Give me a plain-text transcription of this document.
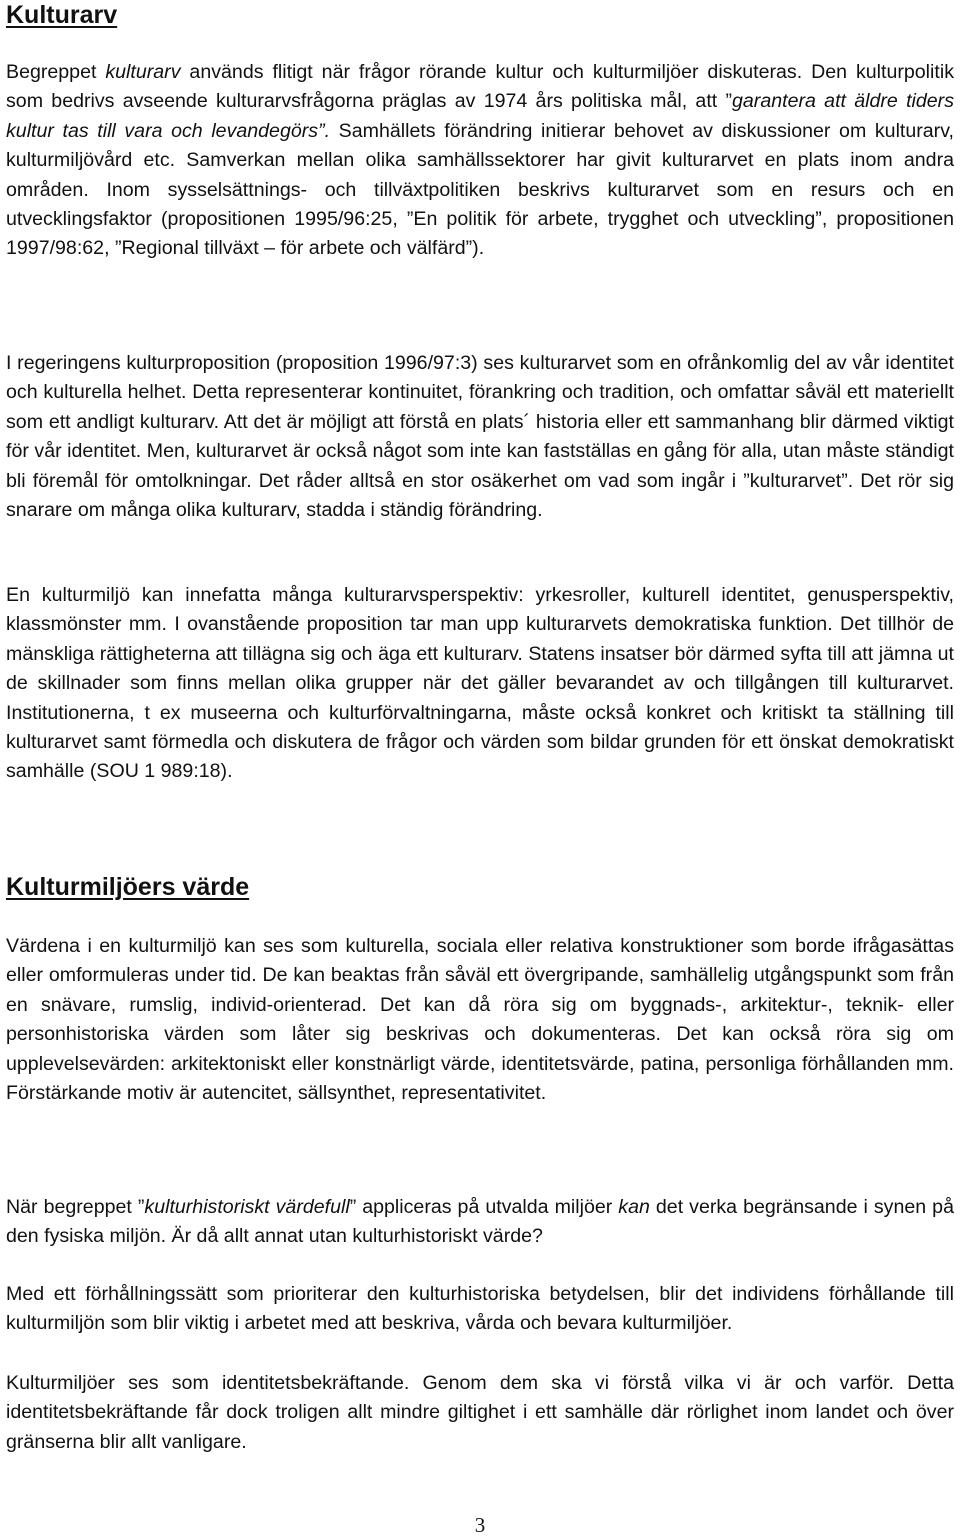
Kulturarv

Begreppet kulturarv används flitigt när frågor rörande kultur och kulturmiljöer diskuteras. Den kulturpolitik som bedrivs avseende kulturarvsfrågorna präglas av 1974 års politiska mål, att ”garantera att äldre tiders kultur tas till vara och levandegörs”. Samhällets förändring initierar behovet av diskussioner om kulturarv, kulturmiljövård etc. Samverkan mellan olika samhällssektorer har givit kulturarvet en plats inom andra områden. Inom sysselsättnings- och tillväxtpolitiken beskrivs kulturarvet som en resurs och en utvecklingsfaktor (propositionen 1995/96:25, ”En politik för arbete, trygghet och utveckling”, propositionen 1997/98:62, ”Regional tillväxt – för arbete och välfärd”).

I regeringens kulturproposition (proposition 1996/97:3) ses kulturarvet som en ofrånkomlig del av vår identitet och kulturella helhet. Detta representerar kontinuitet, förankring och tradition, och omfattar såväl ett materiellt som ett andligt kulturarv. Att det är möjligt att förstå en plats´ historia eller ett sammanhang blir därmed viktigt för vår identitet. Men, kulturarvet är också något som inte kan fastställas en gång för alla, utan måste ständigt bli föremål för omtolkningar. Det råder alltså en stor osäkerhet om vad som ingår i ”kulturarvet”. Det rör sig snarare om många olika kulturarv, stadda i ständig förändring.

En kulturmiljö kan innefatta många kulturarvsperspektiv: yrkesroller, kulturell identitet, genusperspektiv, klassmönster mm. I ovanstående proposition tar man upp kulturarvets demokratiska funktion. Det tillhör de mänskliga rättigheterna att tillägna sig och äga ett kulturarv. Statens insatser bör därmed syfta till att jämna ut de skillnader som finns mellan olika grupper när det gäller bevarandet av och tillgången till kulturarvet. Institutionerna, t ex museerna och kulturförvaltningarna, måste också konkret och kritiskt ta ställning till kulturarvet samt förmedla och diskutera de frågor och värden som bildar grunden för ett önskat demokratiskt samhälle (SOU 1 989:18).

Kulturmiljöers värde

Värdena i en kulturmiljö kan ses som kulturella, sociala eller relativa konstruktioner som borde ifrågasättas eller omformuleras under tid. De kan beaktas från såväl ett övergripande, samhällelig utgångspunkt som från en snävare, rumslig, individ-orienterad. Det kan då röra sig om byggnads-, arkitektur-, teknik- eller personhistoriska värden som låter sig beskrivas och dokumenteras. Det kan också röra sig om upplevelsevärden: arkitektoniskt eller konstnärligt värde, identitetsvärde, patina, personliga förhållanden mm. Förstärkande motiv är autencitet, sällsynthet, representativitet.

När begreppet ”kulturhistoriskt värdefull” appliceras på utvalda miljöer kan det verka begränsande i synen på den fysiska miljön. Är då allt annat utan kulturhistoriskt värde?

Med ett förhållningssätt som prioriterar den kulturhistoriska betydelsen, blir det individens förhållande till kulturmiljön som blir viktig i arbetet med att beskriva, vårda och bevara kulturmiljöer.

Kulturmiljöer ses som identitetsbekräftande. Genom dem ska vi förstå vilka vi är och varför. Detta identitetsbekräftande får dock troligen allt mindre giltighet i ett samhälle där rörlighet inom landet och över gränserna blir allt vanligare.

3
